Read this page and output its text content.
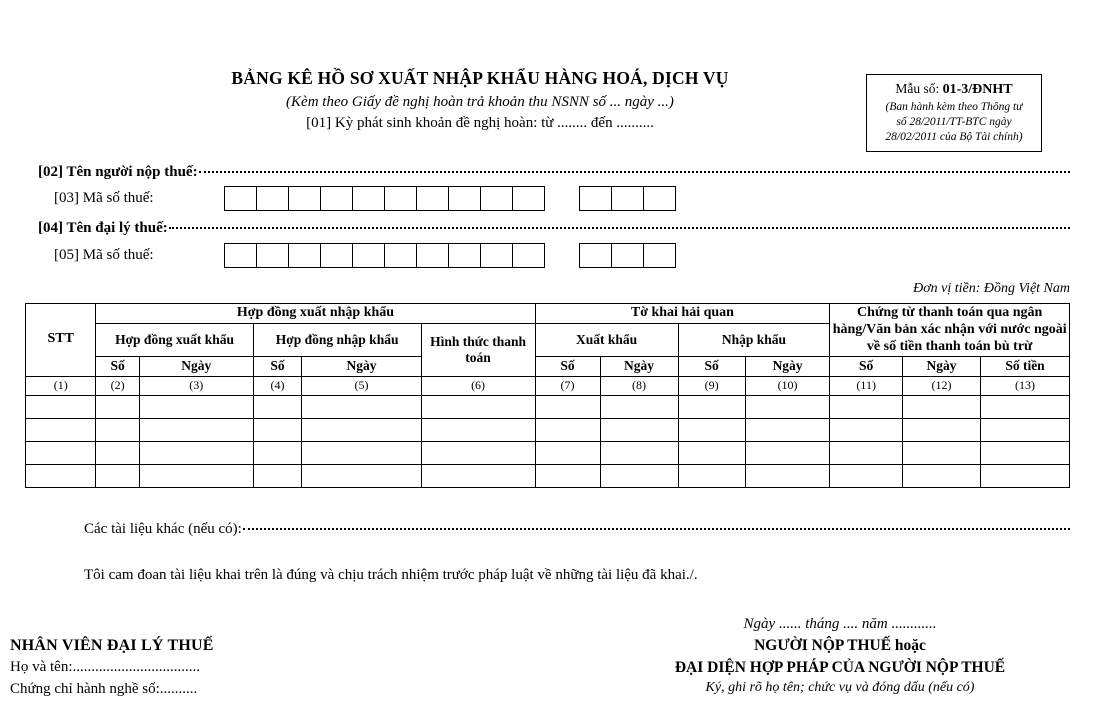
BẢNG KÊ HỒ SƠ XUẤT NHẬP KHẨU HÀNG HOÁ, DỊCH VỤ
(Kèm theo Giấy đề nghị hoàn trả khoản thu NSNN số ... ngày ...)
[01] Kỳ phát sinh khoản đề nghị hoàn: từ ........ đến ..........
Mẫu số: 01-3/ĐNHT
(Ban hành kèm theo Thông tư
số 28/2011/TT-BTC ngày
28/02/2011 của Bộ Tài chính)
[02] Tên người nộp thuế:
[03] Mã số thuế:
[04] Tên đại lý thuế:
[05] Mã số thuế:
Đơn vị tiền: Đồng Việt Nam
STT	Hợp đồng xuất nhập khẩu					Tờ khai hải quan				Chứng từ thanh toán qua ngân hàng/Văn bản xác nhận với nước ngoài về số tiền thanh toán bù trừ		
	Hợp đồng xuất khẩu		Hợp đồng nhập khẩu		Hình thức thanh toán	Xuất khẩu		Nhập khẩu				
	Số	Ngày	Số	Ngày		Số	Ngày	Số	Ngày	Số	Ngày	Số tiền
(1)	(2)	(3)	(4)	(5)	(6)	(7)	(8)	(9)	(10)	(11)	(12)	(13)

Các tài liệu khác (nếu có):
Tôi cam đoan tài liệu khai trên là đúng và chịu trách nhiệm trước pháp luật về những tài liệu đã khai./.
NHÂN VIÊN ĐẠI LÝ THUẾ
Họ và tên:..................................
Chứng chỉ hành nghề số:..........
Ngày ...... tháng .... năm ............
NGƯỜI NỘP THUẾ hoặc
ĐẠI DIỆN HỢP PHÁP CỦA NGƯỜI NỘP THUẾ
Ký, ghi rõ họ tên; chức vụ và đóng dấu (nếu có)
